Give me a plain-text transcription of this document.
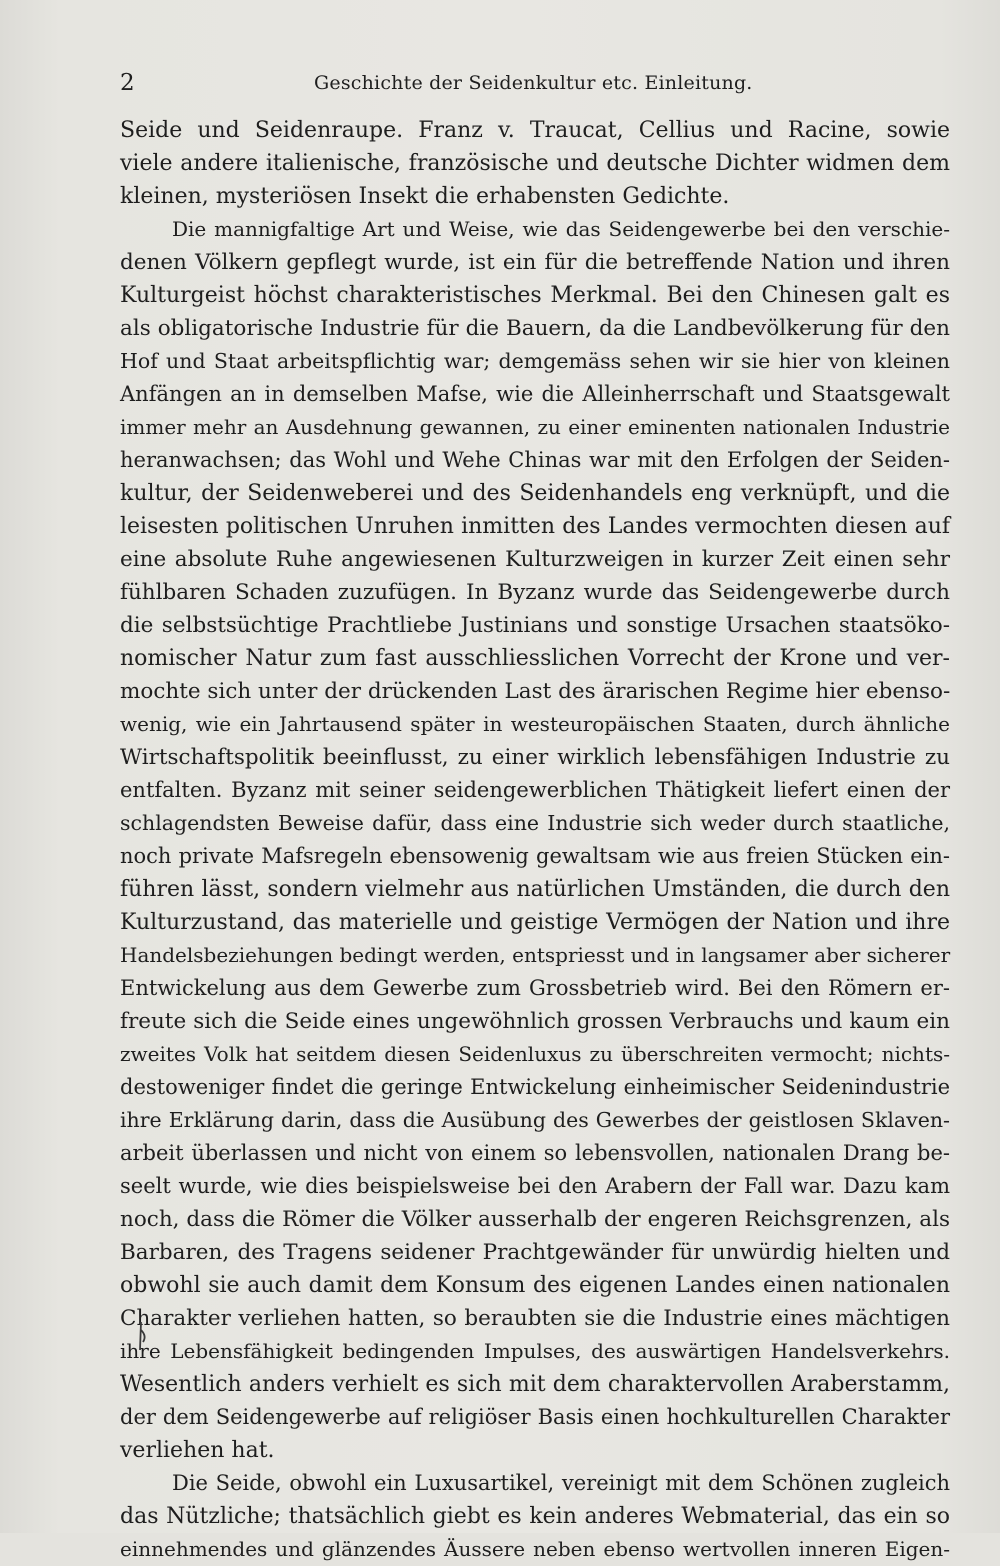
2	Geschichte der Seidenkultur etc. Einleitung.
Seide und Seidenraupe. Franz v. Traucat, Cellius und Racine, sowie
viele andere italienische, französische und deutsche Dichter widmen dem
kleinen, mysteriösen Insekt die erhabensten Gedichte.
Die mannigfaltige Art und Weise, wie das Seidengewerbe bei den verschie-
denen Völkern gepflegt wurde, ist ein für die betreffende Nation und ihren
Kulturgeist höchst charakteristisches Merkmal. Bei den Chinesen galt es
als obligatorische Industrie für die Bauern, da die Landbevölkerung für den
Hof und Staat arbeitspflichtig war; demgemäss sehen wir sie hier von kleinen
Anfängen an in demselben Mafse, wie die Alleinherrschaft und Staatsgewalt
immer mehr an Ausdehnung gewannen, zu einer eminenten nationalen Industrie
heranwachsen; das Wohl und Wehe Chinas war mit den Erfolgen der Seiden-
kultur, der Seidenweberei und des Seidenhandels eng verknüpft, und die
leisesten politischen Unruhen inmitten des Landes vermochten diesen auf
eine absolute Ruhe angewiesenen Kulturzweigen in kurzer Zeit einen sehr
fühlbaren Schaden zuzufügen. In Byzanz wurde das Seidengewerbe durch
die selbstsüchtige Prachtliebe Justinians und sonstige Ursachen staatsöko-
nomischer Natur zum fast ausschliesslichen Vorrecht der Krone und ver-
mochte sich unter der drückenden Last des ärarischen Regime hier ebenso-
wenig, wie ein Jahrtausend später in westeuropäischen Staaten, durch ähnliche
Wirtschaftspolitik beeinflusst, zu einer wirklich lebensfähigen Industrie zu
entfalten. Byzanz mit seiner seidengewerblichen Thätigkeit liefert einen der
schlagendsten Beweise dafür, dass eine Industrie sich weder durch staatliche,
noch private Mafsregeln ebensowenig gewaltsam wie aus freien Stücken ein-
führen lässt, sondern vielmehr aus natürlichen Umständen, die durch den
Kulturzustand, das materielle und geistige Vermögen der Nation und ihre
Handelsbeziehungen bedingt werden, entspriesst und in langsamer aber sicherer
Entwickelung aus dem Gewerbe zum Grossbetrieb wird. Bei den Römern er-
freute sich die Seide eines ungewöhnlich grossen Verbrauchs und kaum ein
zweites Volk hat seitdem diesen Seidenluxus zu überschreiten vermocht; nichts-
destoweniger findet die geringe Entwickelung einheimischer Seidenindustrie
ihre Erklärung darin, dass die Ausübung des Gewerbes der geistlosen Sklaven-
arbeit überlassen und nicht von einem so lebensvollen, nationalen Drang be-
seelt wurde, wie dies beispielsweise bei den Arabern der Fall war. Dazu kam
noch, dass die Römer die Völker ausserhalb der engeren Reichsgrenzen, als
Barbaren, des Tragens seidener Prachtgewänder für unwürdig hielten und
obwohl sie auch damit dem Konsum des eigenen Landes einen nationalen
Charakter verliehen hatten, so beraubten sie die Industrie eines mächtigen
ihre Lebensfähigkeit bedingenden Impulses, des auswärtigen Handelsverkehrs.
Wesentlich anders verhielt es sich mit dem charaktervollen Araberstamm,
der dem Seidengewerbe auf religiöser Basis einen hochkulturellen Charakter
verliehen hat.
Die Seide, obwohl ein Luxusartikel, vereinigt mit dem Schönen zugleich
das Nützliche; thatsächlich giebt es kein anderes Webmaterial, das ein so
einnehmendes und glänzendes Äussere neben ebenso wertvollen inneren Eigen-
